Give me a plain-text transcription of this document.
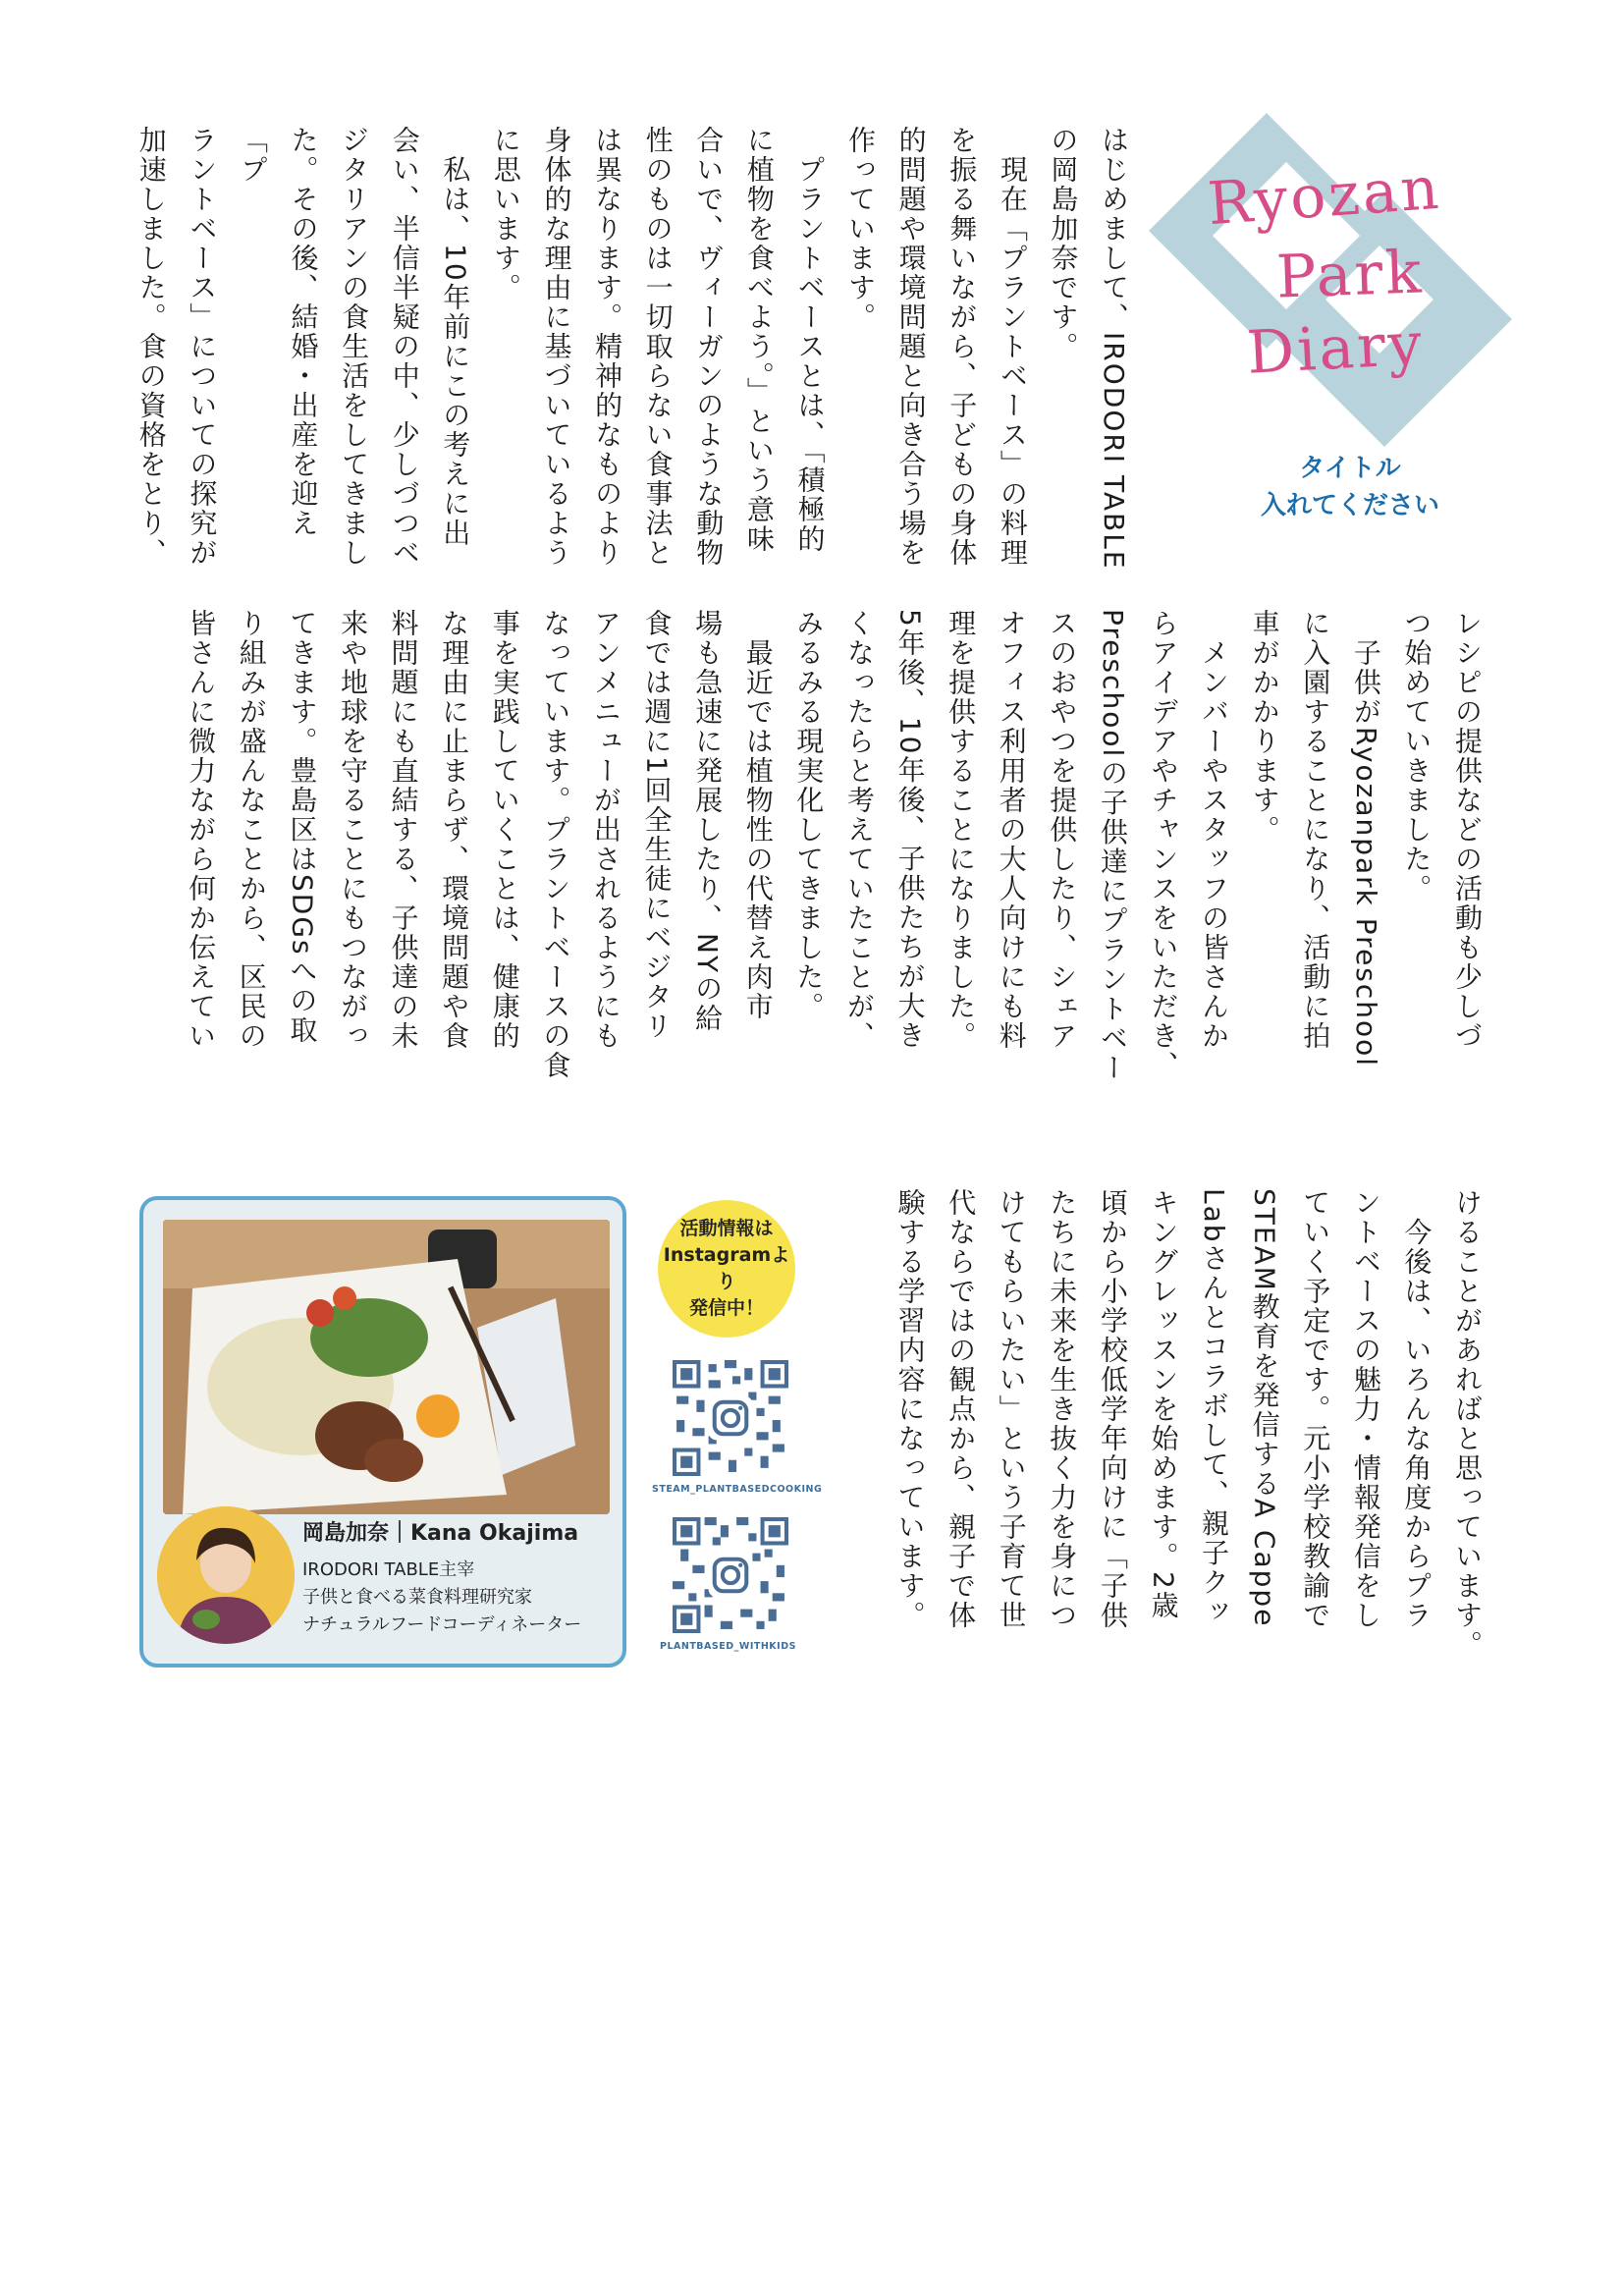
Ryozan
Park
Diary
タイトル
入れてください

はじめまして、IRODORI TABLE
の岡島加奈です。
　現在「プラントベース」の料理
を振る舞いながら、子どもの身体
的問題や環境問題と向き合う場を
作っています。
　プラントベースとは、「積極的
に植物を食べよう。」という意味
合いで、ヴィーガンのような動物
性のものは一切取らない食事法と
は異なります。精神的なものより
身体的な理由に基づいているよう
に思います。
　私は、10年前にこの考えに出
会い、半信半疑の中、少しづつベ
ジタリアンの食生活をしてきまし
た。その後、結婚・出産を迎え「プ
ラントベース」についての探究が
加速しました。食の資格をとり、

レシピの提供などの活動も少しづ
つ始めていきました。
　子供がRyozanpark Preschool
に入園することになり、活動に拍
車がかかります。
　メンバーやスタッフの皆さんか
らアイデアやチャンスをいただき、
Preschoolの子供達にプラントベー
スのおやつを提供したり、シェア
オフィス利用者の大人向けにも料
理を提供することになりました。
5年後、10年後、子供たちが大き
くなったらと考えていたことが、
みるみる現実化してきました。
　最近では植物性の代替え肉市
場も急速に発展したり、NYの給
食では週に1回全生徒にベジタリ
アンメニューが出されるようにも
なっています。プラントベースの食
事を実践していくことは、健康的
な理由に止まらず、環境問題や食
料問題にも直結する、子供達の未
来や地球を守ることにもつながっ
てきます。豊島区はSDGsへの取
り組みが盛んなことから、区民の
皆さんに微力ながら何か伝えてい

けることがあればと思っています。
　今後は、いろんな角度からプラ
ントベースの魅力・情報発信をし
ていく予定です。元小学校教諭で
STEAM教育を発信するA Cappe
Labさんとコラボして、親子クッ
キングレッスンを始めます。2歳
頃から小学校低学年向けに「子供
たちに未来を生き抜く力を身につ
けてもらいたい」という子育て世
代ならではの観点から、親子で体
験する学習内容になっています。

岡島加奈｜Kana Okajima
IRODORI TABLE主宰
子供と食べる菜食料理研究家
ナチュラルフードコーディネーター
活動情報は
Instagramより
発信中！
STEAM_PLANTBASEDCOOKING
PLANTBASED_WITHKIDS
